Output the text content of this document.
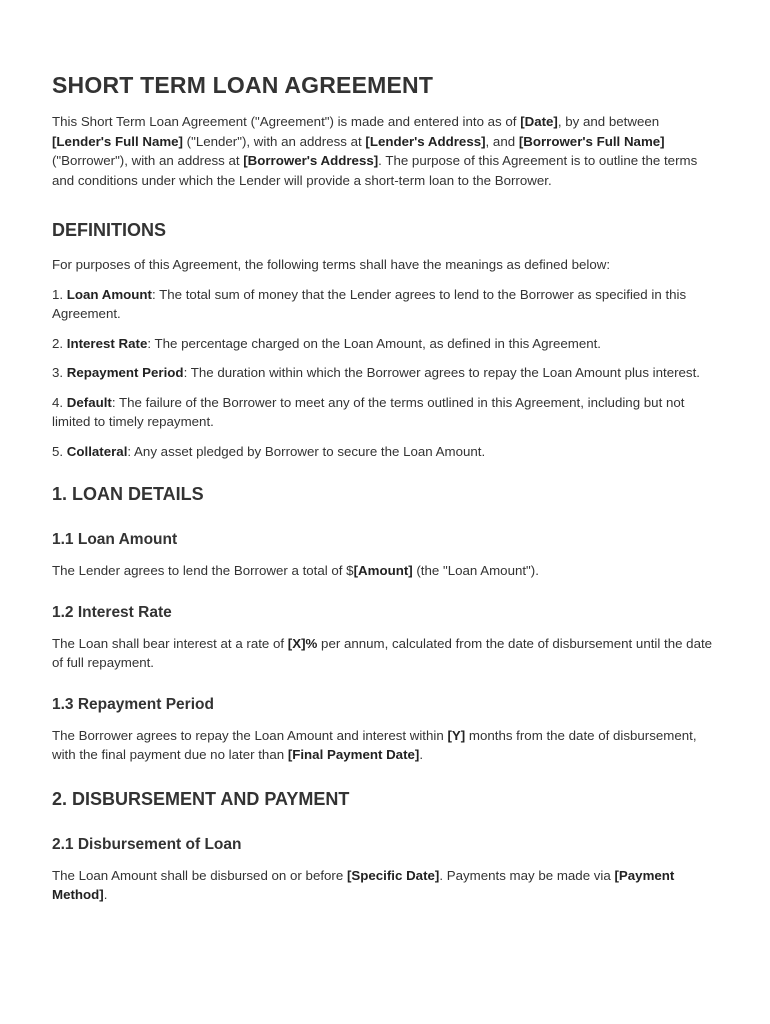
SHORT TERM LOAN AGREEMENT

This Short Term Loan Agreement ("Agreement") is made and entered into as of [Date], by and between [Lender's Full Name] ("Lender"), with an address at [Lender's Address], and [Borrower's Full Name] ("Borrower"), with an address at [Borrower's Address]. The purpose of this Agreement is to outline the terms and conditions under which the Lender will provide a short-term loan to the Borrower.

DEFINITIONS

For purposes of this Agreement, the following terms shall have the meanings as defined below:

1. Loan Amount: The total sum of money that the Lender agrees to lend to the Borrower as specified in this Agreement.

2. Interest Rate: The percentage charged on the Loan Amount, as defined in this Agreement.

3. Repayment Period: The duration within which the Borrower agrees to repay the Loan Amount plus interest.

4. Default: The failure of the Borrower to meet any of the terms outlined in this Agreement, including but not limited to timely repayment.

5. Collateral: Any asset pledged by Borrower to secure the Loan Amount.

1. LOAN DETAILS
1.1 Loan Amount

The Lender agrees to lend the Borrower a total of $[Amount] (the "Loan Amount").

1.2 Interest Rate

The Loan shall bear interest at a rate of [X]% per annum, calculated from the date of disbursement until the date of full repayment.

1.3 Repayment Period

The Borrower agrees to repay the Loan Amount and interest within [Y] months from the date of disbursement, with the final payment due no later than [Final Payment Date].

2. DISBURSEMENT AND PAYMENT
2.1 Disbursement of Loan

The Loan Amount shall be disbursed on or before [Specific Date]. Payments may be made via [Payment Method].
